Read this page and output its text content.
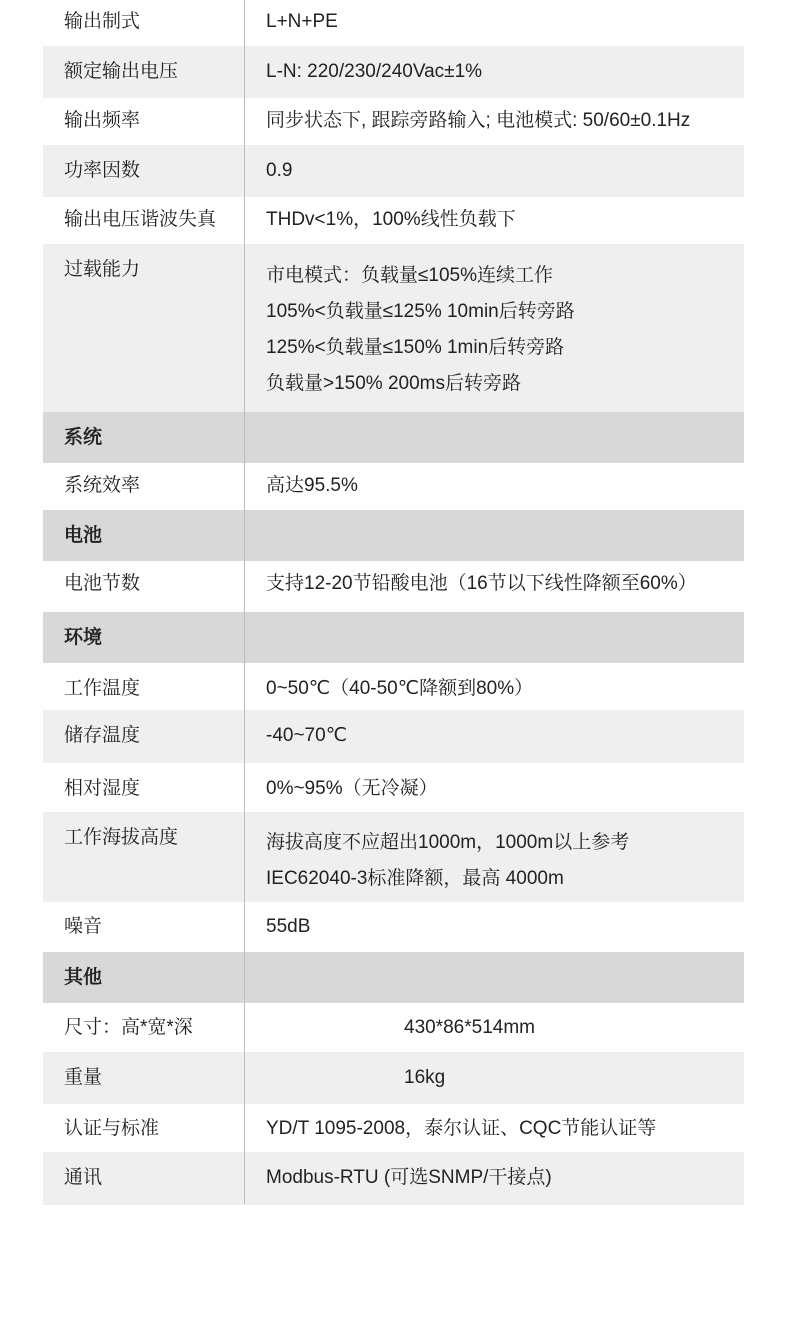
输出制式	L+N+PE
额定输出电压	L-N: 220/230/240Vac±1%
输出频率	同步状态下, 跟踪旁路输入; 电池模式: 50/60±0.1Hz
功率因数	0.9
输出电压谐波失真	THDv<1%，100%线性负载下
过载能力	市电模式：负载量≤105%连续工作
105%<负载量≤125% 10min后转旁路
125%<负载量≤150% 1min后转旁路
负载量>150% 200ms后转旁路
系统
系统效率	高达95.5%
电池
电池节数	支持12-20节铅酸电池（16节以下线性降额至60%）
环境
工作温度	0~50℃（40-50℃降额到80%）
储存温度	-40~70℃
相对湿度	0%~95%（无冷凝）
工作海拔高度	海拔高度不应超出1000m，1000m以上参考
IEC62040-3标准降额，最高 4000m
噪音	55dB
其他
尺寸：高*宽*深	430*86*514mm
重量	16kg
认证与标准	YD/T 1095-2008，泰尔认证、CQC节能认证等
通讯	Modbus-RTU (可选SNMP/干接点)
